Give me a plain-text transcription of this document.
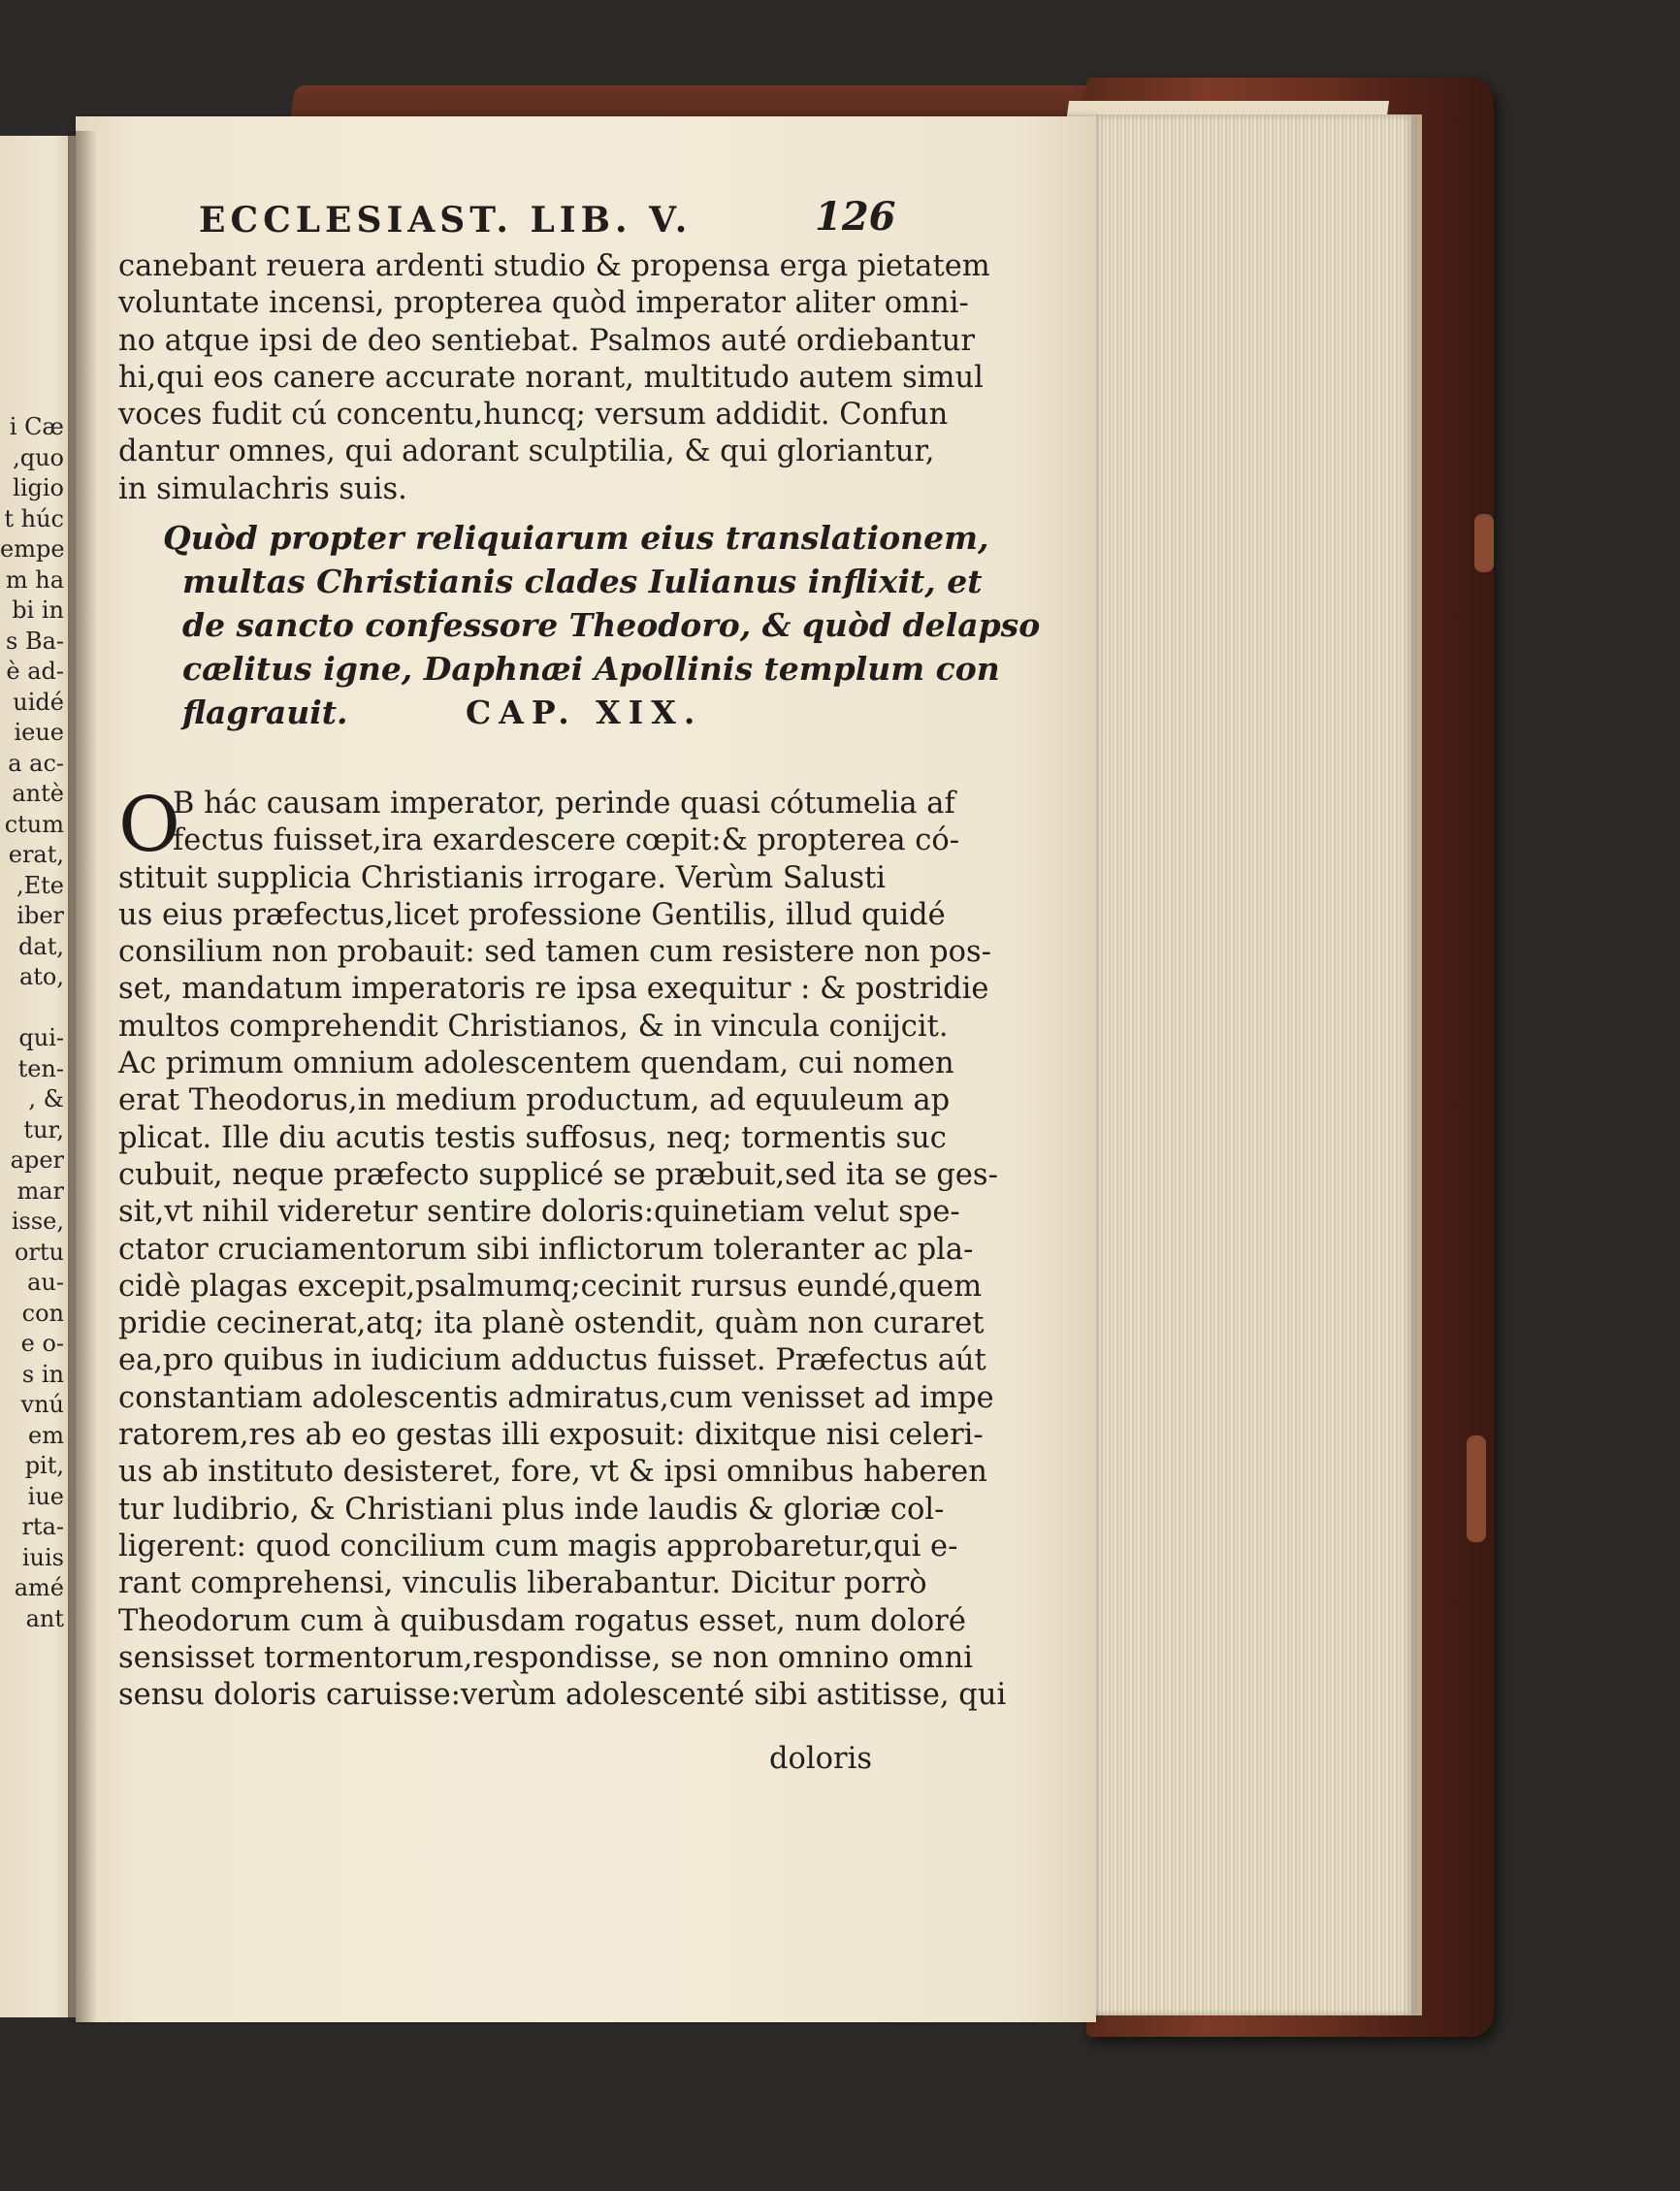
i Cæ
,quo
ligio
t húc
empe
m ha
bi in
s Ba-
è ad-
uidé
ieue
a ac-
antè
ctum
erat,
,Ete
iber
dat,
ato,
qui-
ten-
, &
tur,
aper
mar
isse,
ortu
au-
con
e o-
s in
vnú
em
pit,
iue
rta-
iuis
amé
ant
ECCLESIAST. LIB. V.	126
canebant reuera ardenti studio & propensa erga pietatem
voluntate incensi, propterea quòd imperator aliter omni-
no atque ipsi de deo sentiebat. Psalmos auté ordiebantur
hi,qui eos canere accurate norant, multitudo autem simul
voces fudit cú concentu,huncq; versum addidit. Confun
dantur omnes, qui adorant sculptilia, & qui gloriantur,
in simulachris suis.
Quòd propter reliquiarum eius translationem,
multas Christianis clades Iulianus inflixit, et
de sancto confessore Theodoro, & quòd delapso
cælitus igne, Daphnæi Apollinis templum con
flagrauit.	CAP. XIX.
O
B hác causam imperator, perinde quasi cótumelia af
fectus fuisset,ira exardescere cœpit:& propterea có-
stituit supplicia Christianis irrogare. Verùm Salusti
us eius præfectus,licet professione Gentilis, illud quidé
consilium non probauit: sed tamen cum resistere non pos-
set, mandatum imperatoris re ipsa exequitur : & postridie
multos comprehendit Christianos, & in vincula conijcit.
Ac primum omnium adolescentem quendam, cui nomen
erat Theodorus,in medium productum, ad equuleum ap
plicat. Ille diu acutis testis suffosus, neq; tormentis suc
cubuit, neque præfecto supplicé se præbuit,sed ita se ges-
sit,vt nihil videretur sentire doloris:quinetiam velut spe-
ctator cruciamentorum sibi inflictorum toleranter ac pla-
cidè plagas excepit,psalmumq;cecinit rursus eundé,quem
pridie cecinerat,atq; ita planè ostendit, quàm non curaret
ea,pro quibus in iudicium adductus fuisset. Præfectus aút
constantiam adolescentis admiratus,cum venisset ad impe
ratorem,res ab eo gestas illi exposuit: dixitque nisi celeri-
us ab instituto desisteret, fore, vt & ipsi omnibus haberen
tur ludibrio, & Christiani plus inde laudis & gloriæ col-
ligerent: quod concilium cum magis approbaretur,qui e-
rant comprehensi, vinculis liberabantur. Dicitur porrò
Theodorum cum à quibusdam rogatus esset, num doloré
sensisset tormentorum,respondisse, se non omnino omni
sensu doloris caruisse:verùm adolescenté sibi astitisse, qui
doloris
